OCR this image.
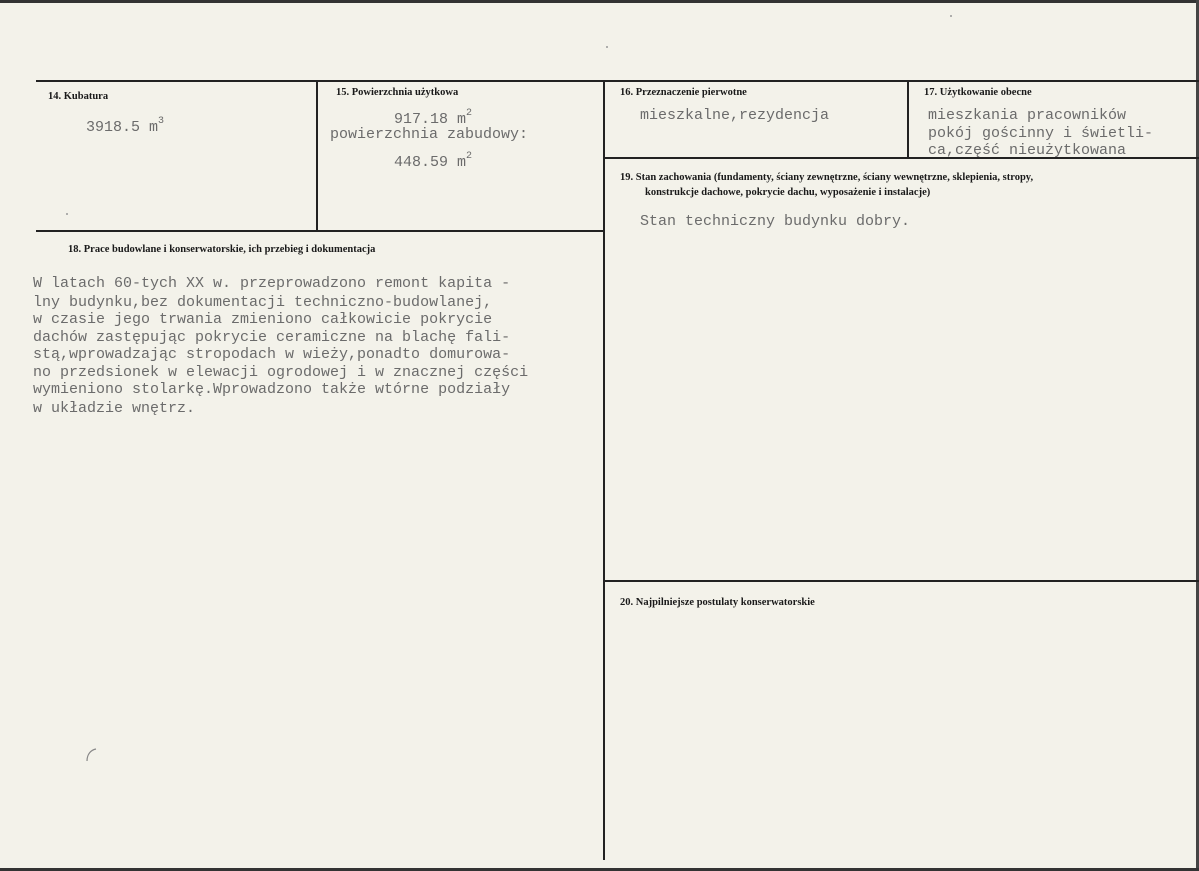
14. Kubatura
3918.5 $m^3$
15. Powierzchnia użytkowa
917.18 $m^2$
powierzchnia zabudowy:
448.59 $m^2$
16. Przeznaczenie pierwotne
mieszkalne,rezydencja
17. Użytkowanie obecne
mieszkania pracowników
pokój gościnny i świetli-
ca,część nieużytkowana
19. Stan zachowania (fundamenty, ściany zewnętrzne, ściany wewnętrzne, sklepienia, stropy,
konstrukcje dachowe, pokrycie dachu, wyposażenie i instalacje)
Stan techniczny budynku dobry.
18. Prace budowlane i konserwatorskie, ich przebieg i dokumentacja
W latach 60-tych XX w. przeprowadzono remont kapita -
lny budynku,bez dokumentacji techniczno-budowlanej,
w czasie jego trwania zmieniono całkowicie pokrycie
dachów zastępując pokrycie ceramiczne na blachę fali-
stą,wprowadzając stropodach w wieży,ponadto domurowa-
no przedsionek w elewacji ogrodowej i w znacznej części
wymieniono stolarkę.Wprowadzono także wtórne podziały
w układzie wnętrz.
20. Najpilniejsze postulaty konserwatorskie
